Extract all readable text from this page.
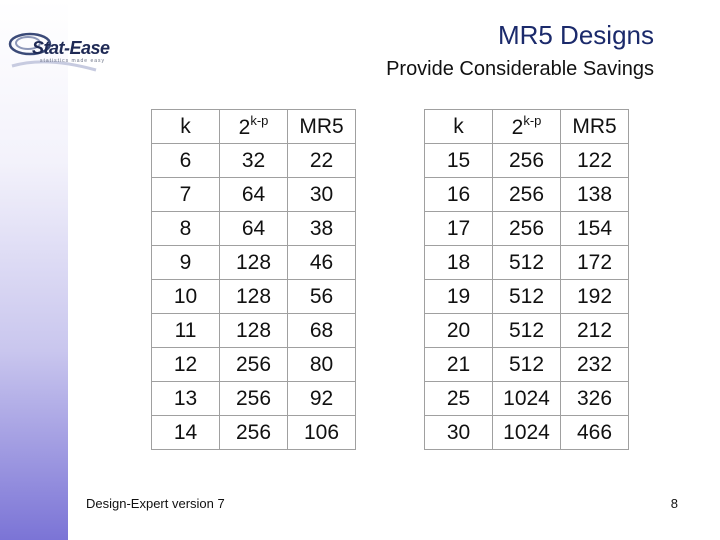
Stat-Ease
statistics made easy
MR5 Designs
Provide Considerable Savings
k	2$^{k-p}$	MR5
6	32	22
7	64	30
8	64	38
9	128	46
10	128	56
11	128	68
12	256	80
13	256	92
14	256	106
k	2$^{k-p}$	MR5
15	256	122
16	256	138
17	256	154
18	512	172
19	512	192
20	512	212
21	512	232
25	1024	326
30	1024	466
Design-Expert version 7	8
